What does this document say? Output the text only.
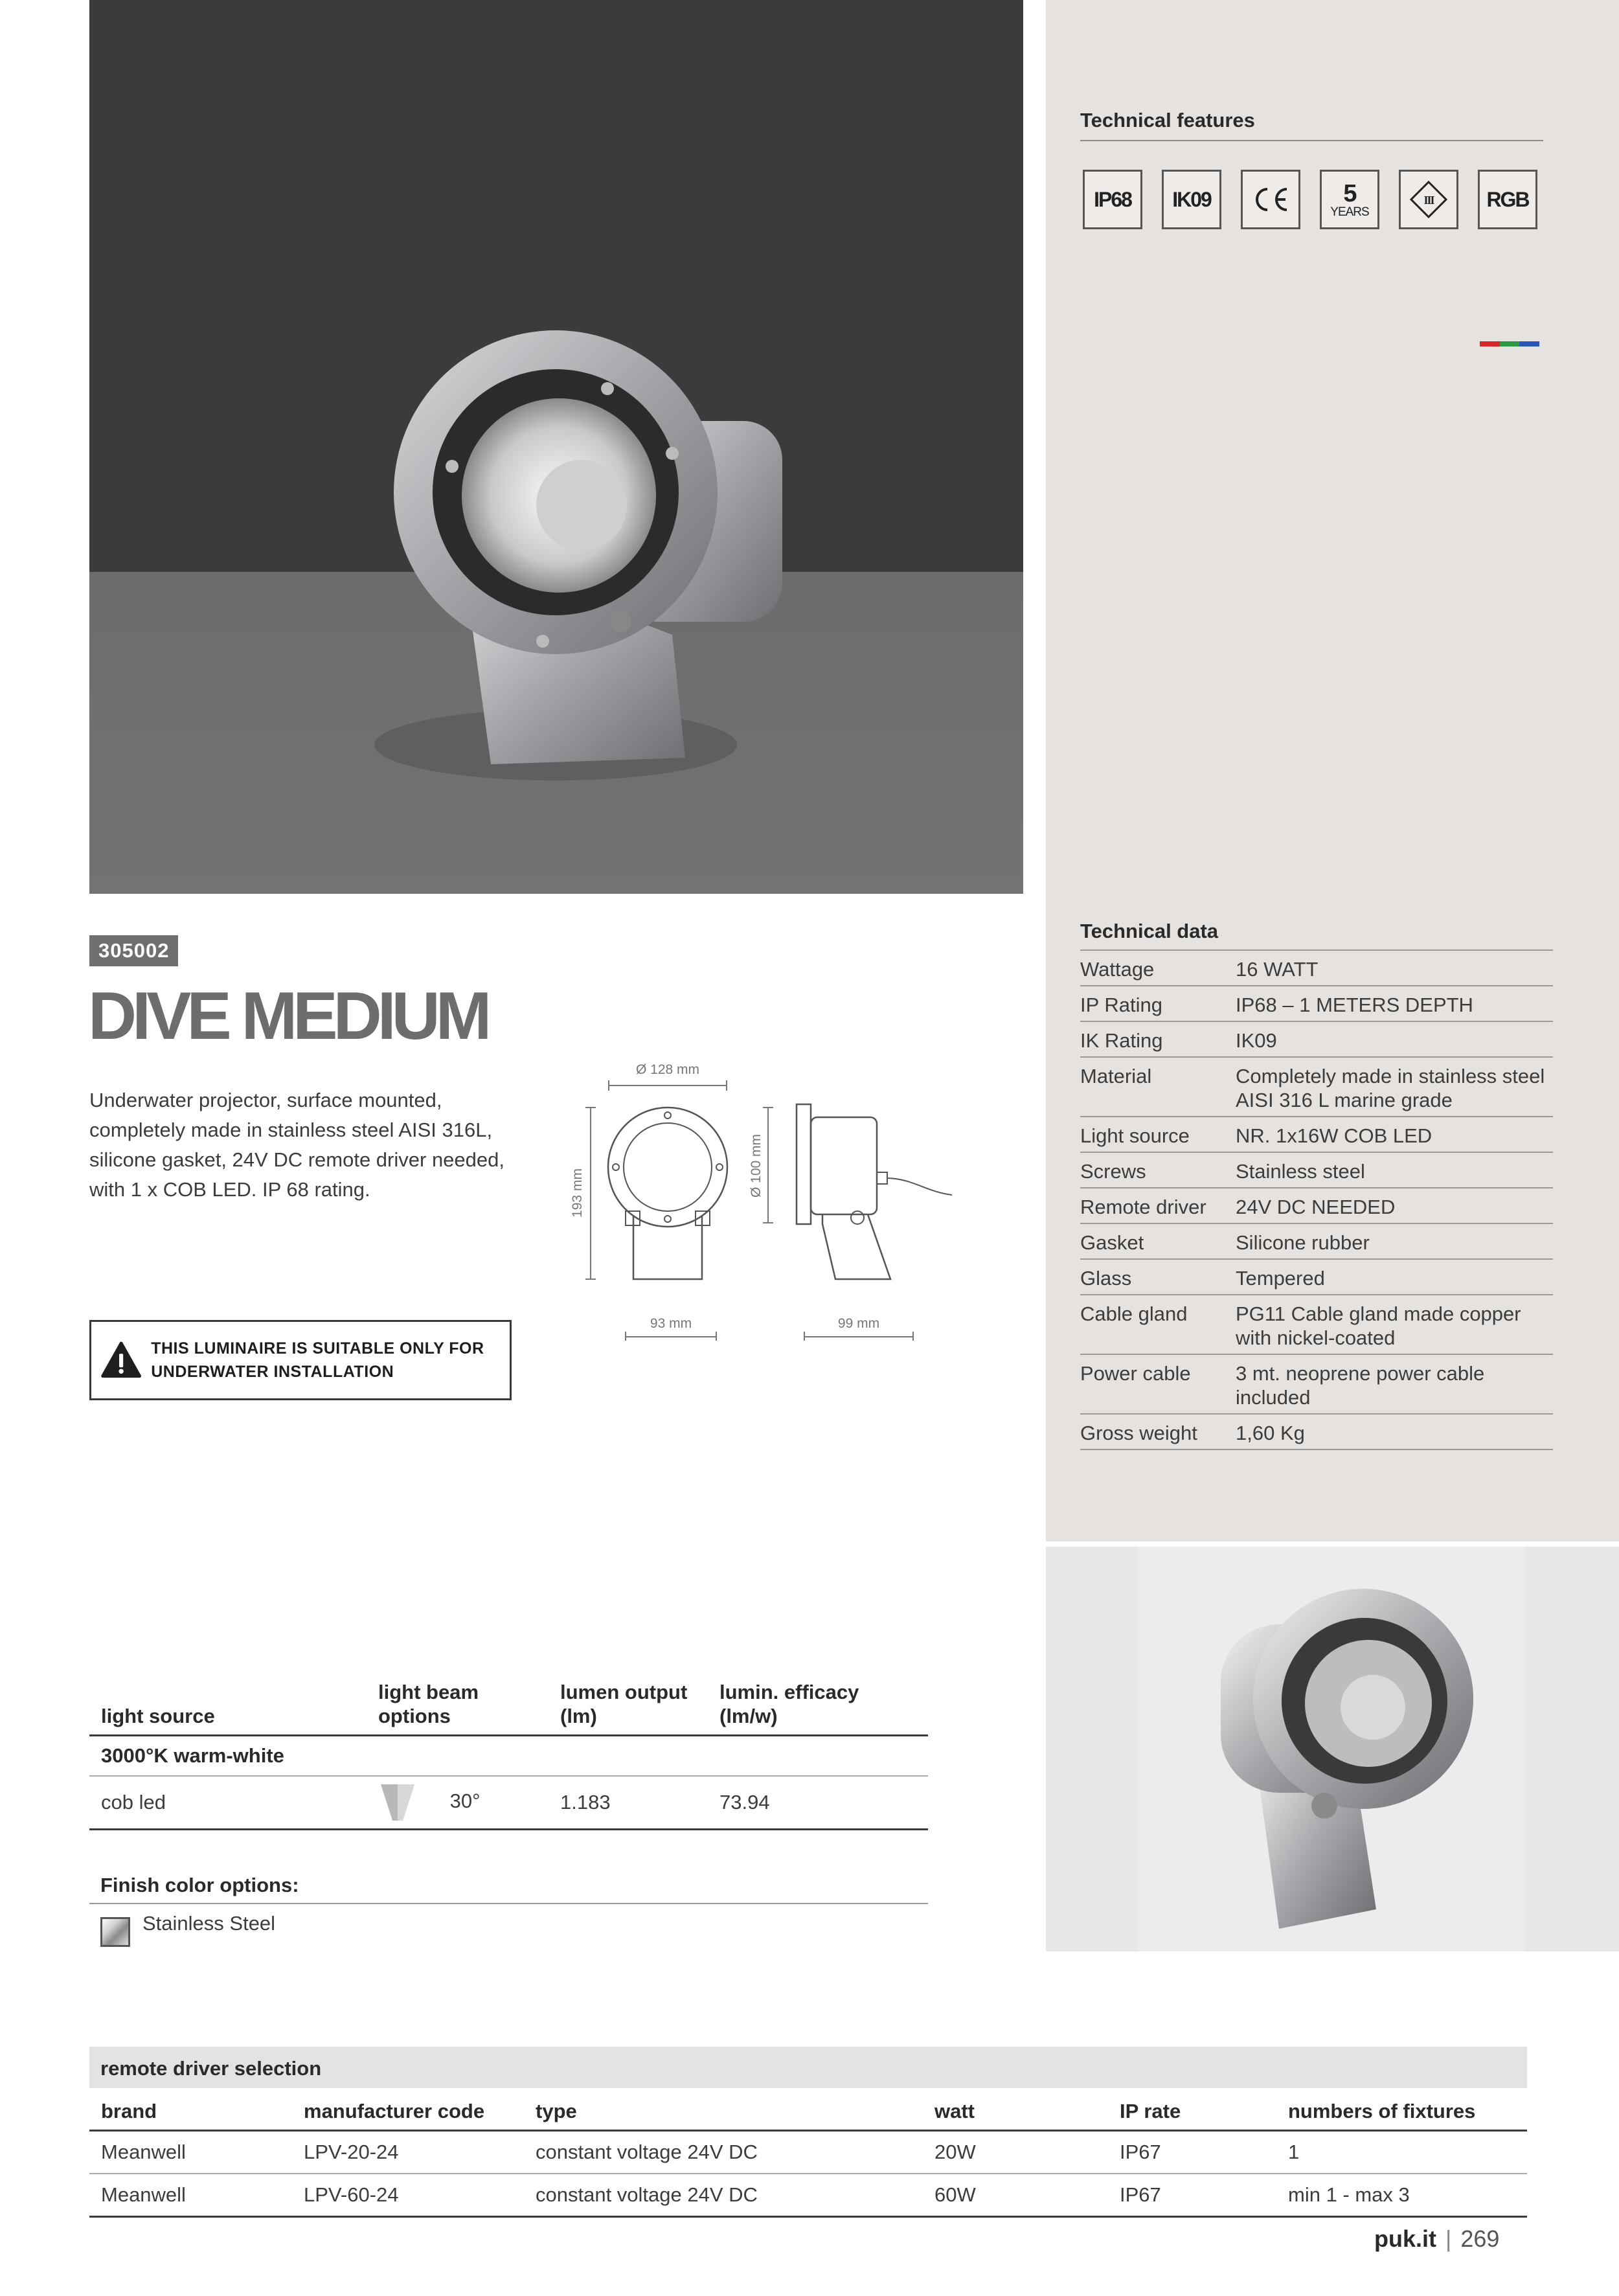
Technical features
IP68 IK09	5
YEARS
III	RGB
305002
DIVE MEDIUM
Underwater projector, surface mounted, completely made in stainless steel AISI 316L, silicone gasket, 24V DC remote driver needed, with 1 x COB LED. IP 68 rating.
Ø 128 mm
193 mm
93 mm
Ø 100 mm
99 mm
THIS LUMINAIRE IS SUITABLE ONLY FOR UNDERWATER INSTALLATION
Technical data
Wattage	16 WATT
IP Rating	IP68 – 1 METERS DEPTH
IK Rating	IK09
Material	Completely made in stainless steel AISI 316 L marine grade
Light source	NR. 1x16W COB LED
Screws	Stainless steel
Remote driver	24V DC NEEDED
Gasket	Silicone rubber
Glass	Tempered
Cable gland	PG11 Cable gland made copper with nickel-coated
Power cable	3 mt. neoprene power cable included
Gross weight	1,60 Kg
light source	light beam options	lumen output (lm)	lumin. efficacy (lm/w)
3000°K warm-white			
cob led	30°	1.183	73.94
Finish color options:
Stainless Steel
remote driver selection
brand	manufacturer code	type	watt	IP rate	numbers of fixtures
Meanwell	LPV-20-24	constant voltage 24V DC	20W	IP67	1
Meanwell	LPV-60-24	constant voltage 24V DC	60W	IP67	min 1 - max 3
puk.it | 269
